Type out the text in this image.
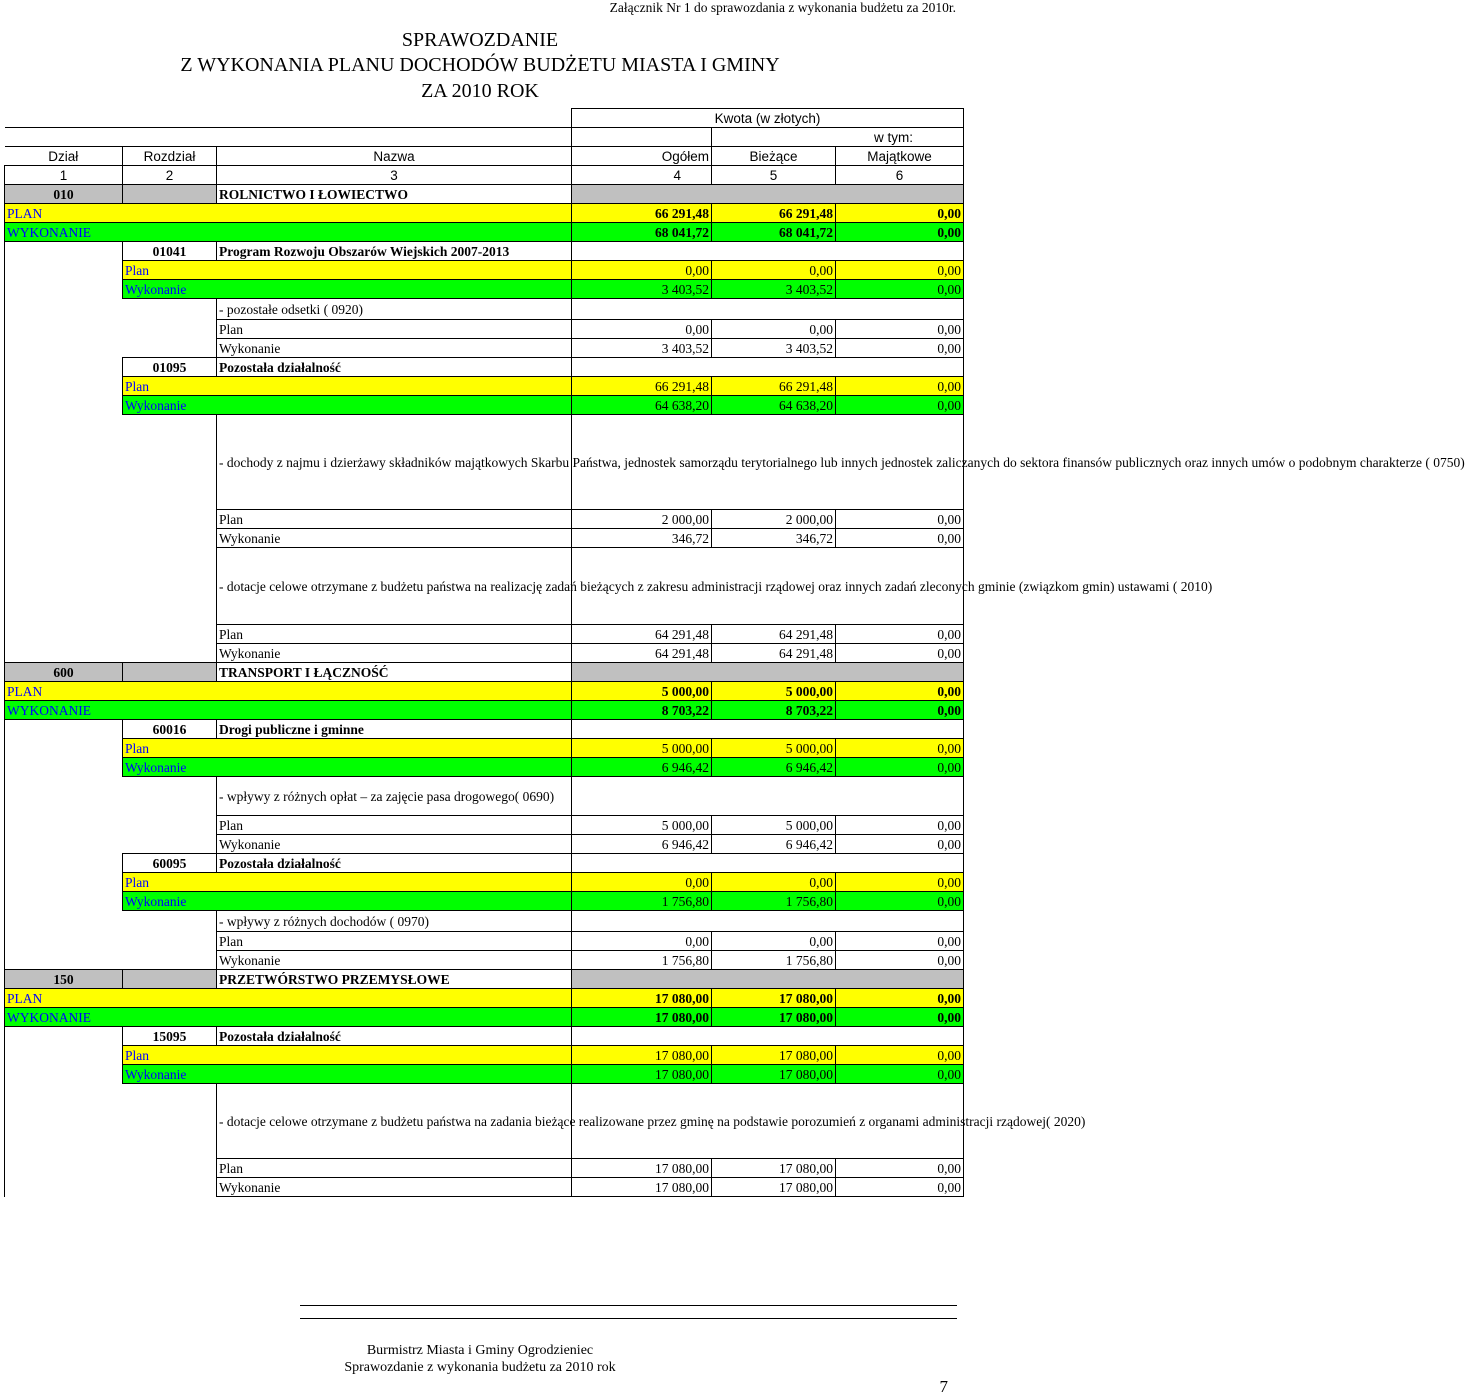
Załącznik Nr 1 do sprawozdania z wykonania budżetu za 2010r.
SPRAWOZDANIE
Z WYKONANIA PLANU DOCHODÓW BUDŻETU MIASTA I GMINY
ZA 2010 ROK
			Kwota (w złotych)		
				w tym:	
Dział	Rozdział	Nazwa	Ogółem	Bieżące	Majątkowe
1	2	3	4	5	6
010		ROLNICTWO I ŁOWIECTWO			
PLAN			66 291,48	66 291,48	0,00
WYKONANIE			68 041,72	68 041,72	0,00
	01041	Program Rozwoju Obszarów Wiejskich 2007-2013			
	Plan		0,00	0,00	0,00
	Wykonanie		3 403,52	3 403,52	0,00
		- pozostałe odsetki ( 0920)			
		Plan	0,00	0,00	0,00
		Wykonanie	3 403,52	3 403,52	0,00
	01095	Pozostała działalność			
	Plan		66 291,48	66 291,48	0,00
	Wykonanie		64 638,20	64 638,20	0,00
		- dochody z najmu i dzierżawy składników majątkowych Skarbu Państwa, jednostek samorządu terytorialnego lub innych jednostek zaliczanych do sektora finansów publicznych oraz innych umów o podobnym charakterze ( 0750)			
		Plan	2 000,00	2 000,00	0,00
		Wykonanie	346,72	346,72	0,00
		- dotacje celowe otrzymane z budżetu państwa na realizację zadań bieżących z zakresu administracji rządowej oraz innych zadań zleconych gminie (związkom gmin) ustawami ( 2010)			
		Plan	64 291,48	64 291,48	0,00
		Wykonanie	64 291,48	64 291,48	0,00
600		TRANSPORT I ŁĄCZNOŚĆ			
PLAN			5 000,00	5 000,00	0,00
WYKONANIE			8 703,22	8 703,22	0,00
	60016	Drogi publiczne i gminne			
	Plan		5 000,00	5 000,00	0,00
	Wykonanie		6 946,42	6 946,42	0,00
		- wpływy z różnych opłat – za zajęcie pasa drogowego( 0690)			
		Plan	5 000,00	5 000,00	0,00
		Wykonanie	6 946,42	6 946,42	0,00
	60095	Pozostała działalność			
	Plan		0,00	0,00	0,00
	Wykonanie		1 756,80	1 756,80	0,00
		- wpływy z różnych dochodów ( 0970)			
		Plan	0,00	0,00	0,00
		Wykonanie	1 756,80	1 756,80	0,00
150		PRZETWÓRSTWO PRZEMYSŁOWE			
PLAN			17 080,00	17 080,00	0,00
WYKONANIE			17 080,00	17 080,00	0,00
	15095	Pozostała działalność			
	Plan		17 080,00	17 080,00	0,00
	Wykonanie		17 080,00	17 080,00	0,00
		- dotacje celowe otrzymane z budżetu państwa na zadania bieżące realizowane przez gminę na podstawie porozumień z organami administracji rządowej( 2020)			
		Plan	17 080,00	17 080,00	0,00
		Wykonanie	17 080,00	17 080,00	0,00
Burmistrz Miasta i Gminy Ogrodzieniec
Sprawozdanie z wykonania budżetu za 2010 rok
7
